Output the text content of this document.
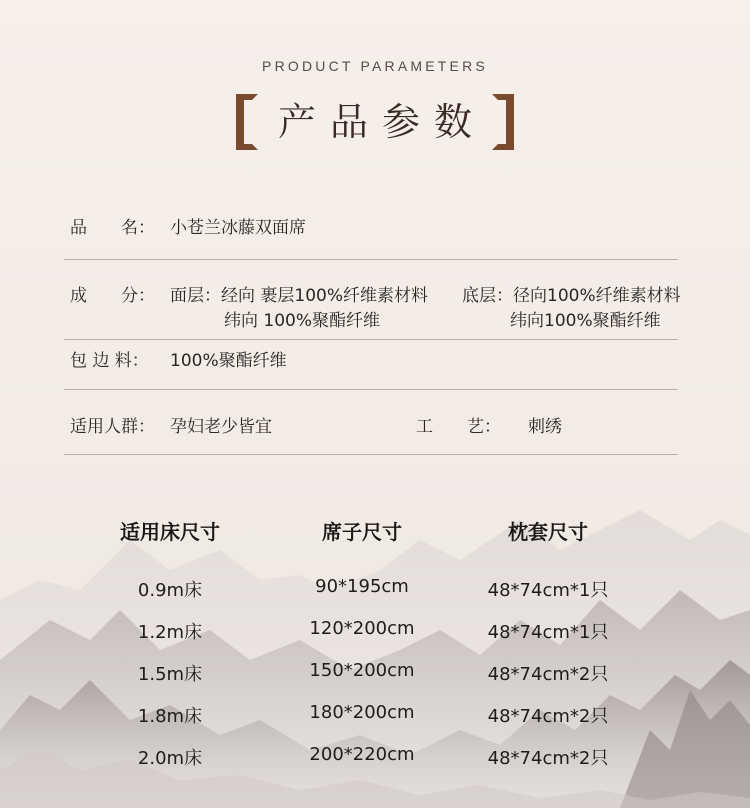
PRODUCT PARAMETERS
产品参数
品　　名： 小苍兰冰藤双面席
成　　分： 面层：经向 裹层100%纤维素材料
纬向 100%聚酯纤维
底层：径向100%纤维素材料
纬向100%聚酯纤维
包 边 料： 100%聚酯纤维
适用人群： 孕妇老少皆宜	工　　艺： 刺绣
适用床尺寸	席子尺寸	枕套尺寸
0.9m床	90*195cm	48*74cm*1只
1.2m床	120*200cm	48*74cm*1只
1.5m床	150*200cm	48*74cm*2只
1.8m床	180*200cm	48*74cm*2只
2.0m床	200*220cm	48*74cm*2只
